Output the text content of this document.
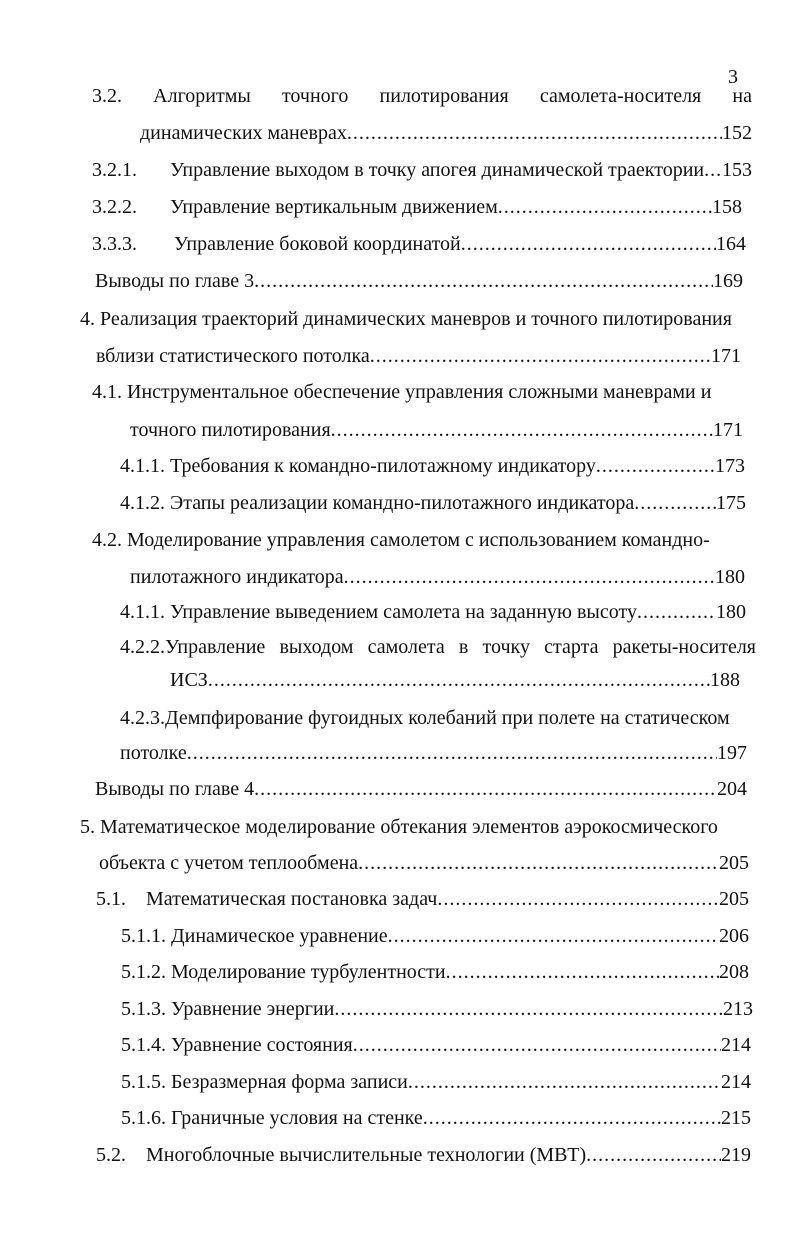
3
3.2. Алгоритмы точного пилотирования самолета-носителя на
динамических маневрах .....	152
3.2.1.	Управление выходом в точку апогея динамической траектории ..... 153
3.2.2.	Управление вертикальным движением .....	158
3.3.3.	Управление боковой координатой .....	164
Выводы по главе 3 .....	169
4. Реализация траекторий динамических маневров и точного пилотирования
вблизи статистического потолка .....	171
4.1. Инструментальное обеспечение управления сложными маневрами и
точного пилотирования .....	171
4.1.1. Требования к командно-пилотажному индикатору .....	173
4.1.2. Этапы реализации командно-пилотажного индикатора .....	175
4.2. Моделирование управления самолетом с использованием командно-
пилотажного индикатора .....	180
4.1.1. Управление выведением самолета на заданную высоту .....	180
4.2.2.Управление выходом самолета в точку старта ракеты-носителя
ИСЗ .....	188
4.2.3.Демпфирование фугоидных колебаний при полете на статическом
потолке .....	197
Выводы по главе 4 .....	204
5. Математическое моделирование обтекания элементов аэрокосмического
объекта с учетом теплообмена .....	205
5.1.	Математическая постановка задач .....	205
5.1.1. Динамическое уравнение .....	206
5.1.2. Моделирование турбулентности .....	208
5.1.3. Уравнение энергии .....	213
5.1.4. Уравнение состояния .....	214
5.1.5. Безразмерная форма записи .....	214
5.1.6. Граничные условия на стенке .....	215
5.2.	Многоблочные вычислительные технологии (МВТ) .....	219
